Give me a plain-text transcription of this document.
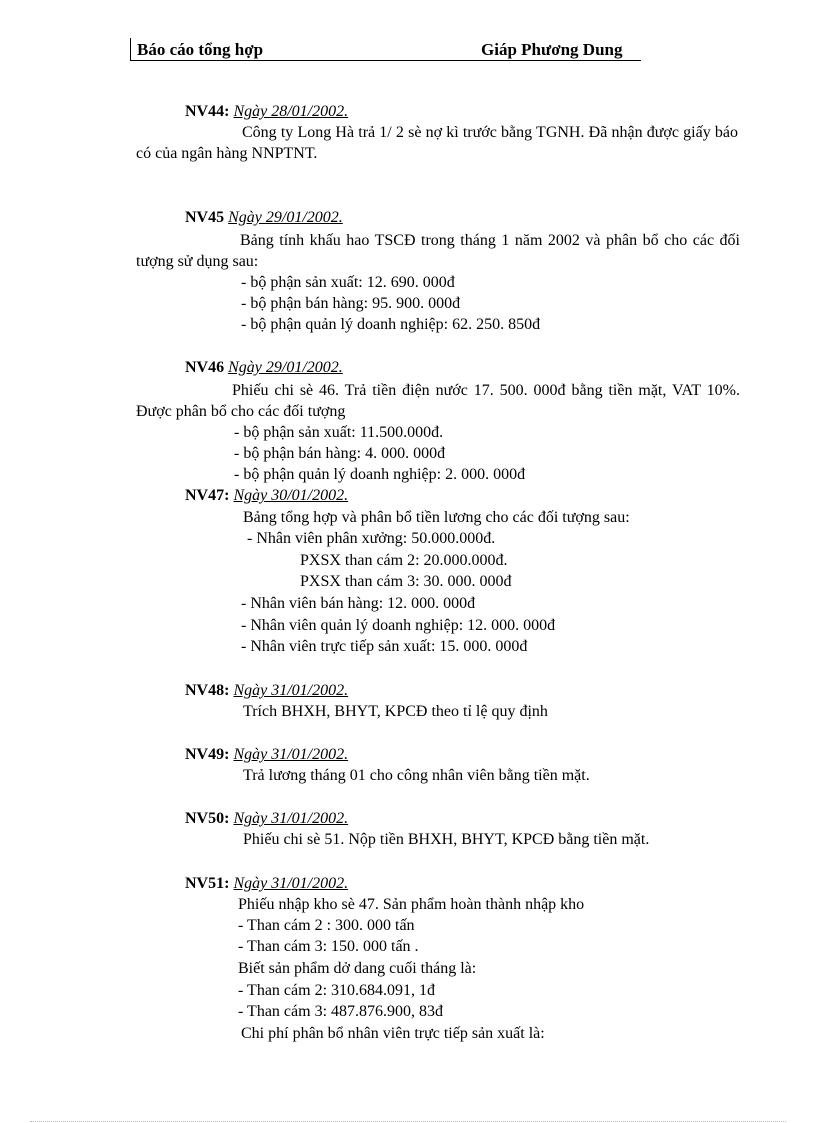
Báo cáo tổng hợp	Giáp Phương Dung
NV44: Ngày 28/01/2002.
Công ty Long Hà trả 1/ 2 sè nợ kì trước bằng TGNH. Đã nhận được giấy báo có của ngân hàng NNPTNT.
NV45 Ngày 29/01/2002.
Bảng tính khấu hao TSCĐ trong tháng 1 năm 2002 và phân bổ cho các đối tượng sử dụng sau:
- bộ phận sản xuất: 12. 690. 000đ
- bộ phận bán hàng: 95. 900. 000đ
- bộ phận quản lý doanh nghiệp: 62. 250. 850đ
NV46 Ngày 29/01/2002.
Phiếu chi sè 46. Trả tiền điện nước 17. 500. 000đ bằng tiền mặt, VAT 10%. Được phân bổ cho các đối tượng
- bộ phận sản xuất: 11.500.000đ.
- bộ phận bán hàng: 4. 000. 000đ
- bộ phận quản lý doanh nghiệp: 2. 000. 000đ
NV47: Ngày 30/01/2002.
Bảng tổng hợp và phân bổ tiền lương cho các đối tượng sau:
- Nhân viên phân xưởng: 50.000.000đ.
PXSX than cám 2: 20.000.000đ.
PXSX than cám 3: 30. 000. 000đ
- Nhân viên bán hàng: 12. 000. 000đ
- Nhân viên quản lý doanh nghiệp: 12. 000. 000đ
- Nhân viên trực tiếp sản xuất: 15. 000. 000đ
NV48: Ngày 31/01/2002.
Trích BHXH, BHYT, KPCĐ theo tỉ lệ quy định
NV49: Ngày 31/01/2002.
Trả lương tháng 01 cho công nhân viên bằng tiền mặt.
NV50: Ngày 31/01/2002.
Phiếu chi sè 51. Nộp tiền BHXH, BHYT, KPCĐ bằng tiền mặt.
NV51: Ngày 31/01/2002.
Phiếu nhập kho sè 47. Sản phẩm hoàn thành nhập kho
- Than cám 2 : 300. 000 tấn
- Than cám 3: 150. 000 tấn .
Biết sản phẩm dở dang cuối tháng là:
- Than cám 2: 310.684.091, 1đ
- Than cám 3: 487.876.900, 83đ
Chi phí phân bổ nhân viên trực tiếp sản xuất là:
